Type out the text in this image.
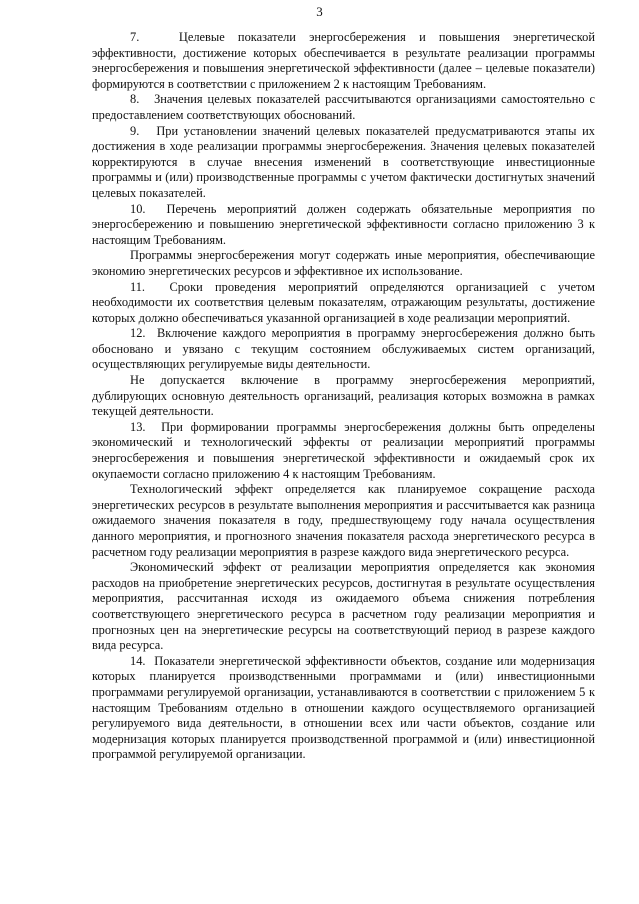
3

7.   Целевые показатели энергосбережения и повышения энергетической эффективности, достижение которых обеспечивается в результате реализации программы энергосбережения и повышения энергетической эффективности (далее – целевые показатели) формируются в соответствии с приложением 2 к настоящим Требованиям.

8.   Значения целевых показателей рассчитываются организациями самостоятельно с предоставлением соответствующих обоснований.

9.   При установлении значений целевых показателей предусматриваются этапы их достижения в ходе реализации программы энергосбережения. Значения целевых показателей корректируются в случае внесения изменений в соответствующие инвестиционные программы и (или) производственные программы с учетом фактически достигнутых значений целевых показателей.

10.  Перечень мероприятий должен содержать обязательные мероприятия по энергосбережению и повышению энергетической эффективности согласно приложению 3 к настоящим Требованиям.

Программы энергосбережения могут содержать иные мероприятия, обеспечивающие экономию энергетических ресурсов и эффективное их использование.

11.  Сроки проведения мероприятий определяются организацией с учетом необходимости их соответствия целевым показателям, отражающим результаты, достижение которых должно обеспечиваться указанной организацией в ходе реализации мероприятий.

12.  Включение каждого мероприятия в программу энергосбережения должно быть обосновано и увязано с текущим состоянием обслуживаемых систем организаций, осуществляющих регулируемые виды деятельности.

Не допускается включение в программу энергосбережения мероприятий, дублирующих основную деятельность организаций, реализация которых возможна в рамках текущей деятельности.

13.  При формировании программы энергосбережения должны быть определены экономический и технологический эффекты от реализации мероприятий программы энергосбережения и повышения энергетической эффективности и ожидаемый срок их окупаемости согласно приложению 4 к настоящим Требованиям.

Технологический эффект определяется как планируемое сокращение расхода энергетических ресурсов в результате выполнения мероприятия и рассчитывается как разница ожидаемого значения показателя в году, предшествующему году начала осуществления данного мероприятия, и прогнозного значения показателя расхода энергетического ресурса в расчетном году реализации мероприятия в разрезе каждого вида энергетического ресурса.

Экономический эффект от реализации мероприятия определяется как экономия расходов на приобретение энергетических ресурсов, достигнутая в результате осуществления мероприятия, рассчитанная исходя из ожидаемого объема снижения потребления соответствующего энергетического ресурса в расчетном году реализации мероприятия и прогнозных цен на энергетические ресурсы на соответствующий период в разрезе каждого вида ресурса.

14.  Показатели энергетической эффективности объектов, создание или модернизация которых планируется производственными программами и (или) инвестиционными программами регулируемой организации, устанавливаются в соответствии с приложением 5 к настоящим Требованиям отдельно в отношении каждого осуществляемого организацией регулируемого вида деятельности, в отношении всех или части объектов, создание или модернизация которых планируется производственной программой и (или) инвестиционной программой регулируемой организации.
